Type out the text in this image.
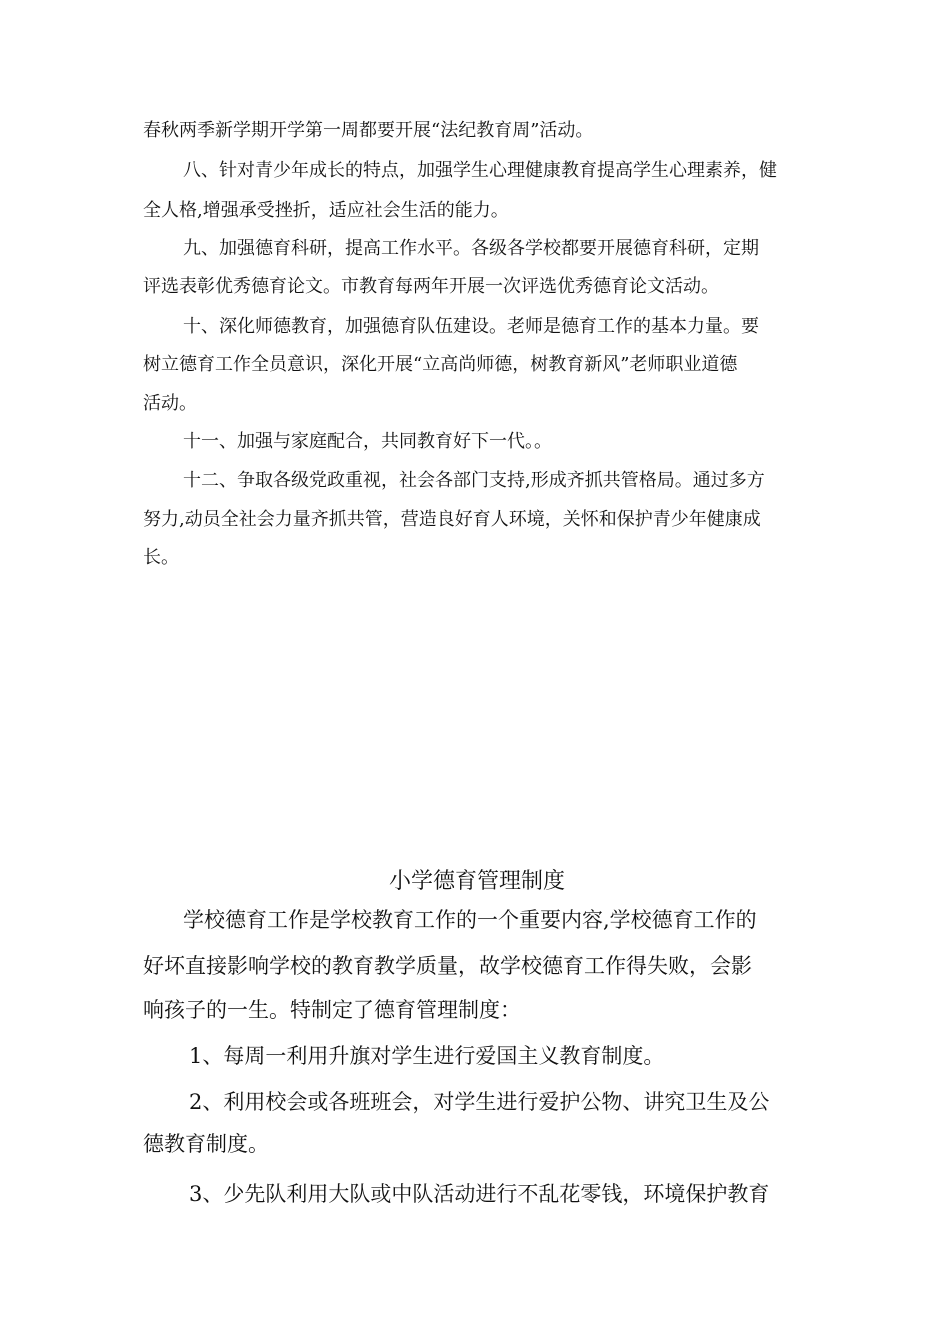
春秋两季新学期开学第一周都要开展“法纪教育周”活动。
八、针对青少年成长的特点，加强学生心理健康教育提高学生心理素养，健
全人格,增强承受挫折，适应社会生活的能力。
九、加强德育科研，提高工作水平。各级各学校都要开展德育科研，定期
评选表彰优秀德育论文。市教育每两年开展一次评选优秀德育论文活动。
十、深化师德教育，加强德育队伍建设。老师是德育工作的基本力量。要
树立德育工作全员意识，深化开展“立高尚师德，树教育新风”老师职业道德
活动。
十一、加强与家庭配合，共同教育好下一代。。
十二、争取各级党政重视，社会各部门支持,形成齐抓共管格局。通过多方
努力,动员全社会力量齐抓共管，营造良好育人环境，关怀和保护青少年健康成
长。
小学德育管理制度
学校德育工作是学校教育工作的一个重要内容,学校德育工作的
好坏直接影响学校的教育教学质量，故学校德育工作得失败，会影
响孩子的一生。特制定了德育管理制度：
1、每周一利用升旗对学生进行爱国主义教育制度。
2、利用校会或各班班会，对学生进行爱护公物、讲究卫生及公
德教育制度。
3、少先队利用大队或中队活动进行不乱花零钱，环境保护教育
